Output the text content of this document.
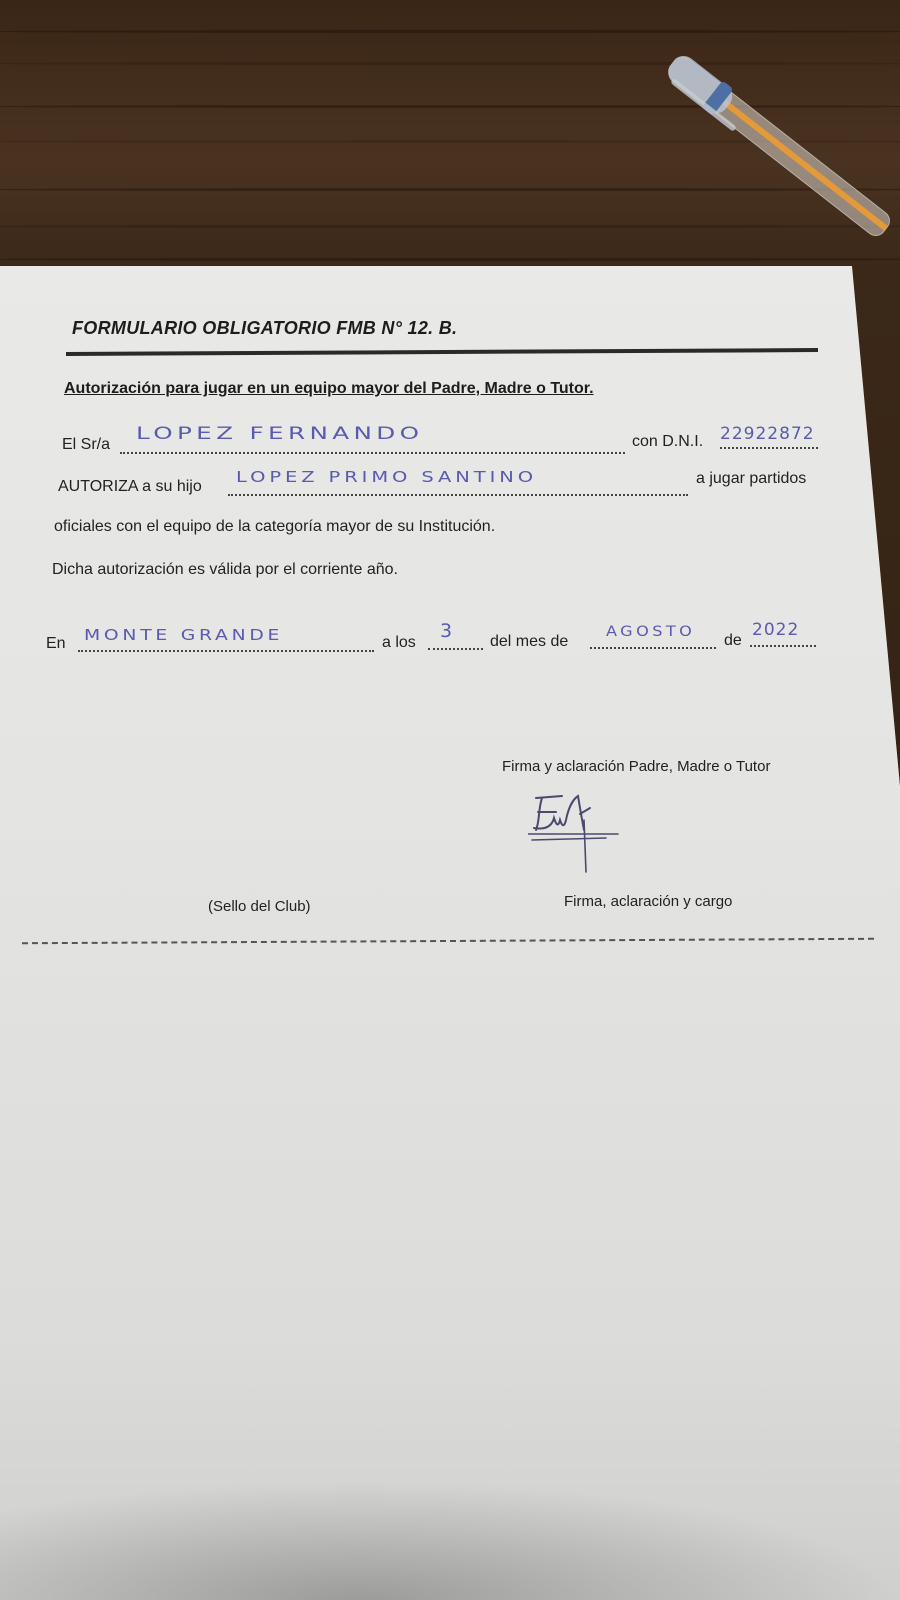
FORMULARIO OBLIGATORIO FMB N° 12. B.
Autorización para jugar en un equipo mayor del Padre, Madre o Tutor.
El Sr/a
LOPEZ FERNANDO	con D.N.I. 22922872
AUTORIZA a su hijo
LOPEZ PRIMO SANTINO	a jugar partidos
oficiales con el equipo de la categoría mayor de su Institución.
Dicha autorización es válida por el corriente año.
En MONTE GRANDE	a los
3 del mes de
AGOSTO de
2022
Firma y aclaración Padre, Madre o Tutor
(Sello del Club)	Firma, aclaración y cargo
